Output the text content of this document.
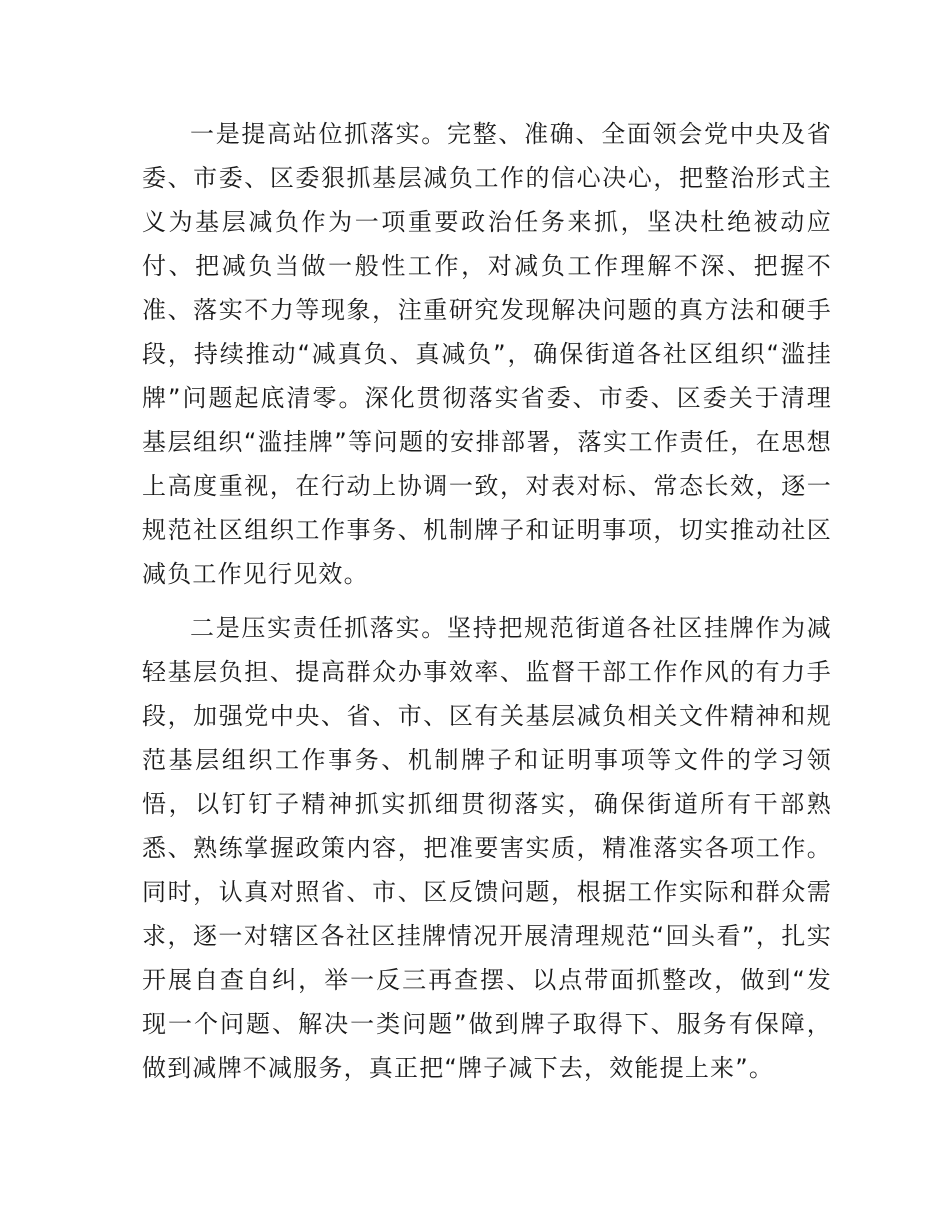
一是提高站位抓落实。完整、准确、全面领会党中央及省委、市委、区委狠抓基层减负工作的信心决心，把整治形式主义为基层减负作为一项重要政治任务来抓，坚决杜绝被动应付、把减负当做一般性工作，对减负工作理解不深、把握不准、落实不力等现象，注重研究发现解决问题的真方法和硬手段，持续推动“减真负、真减负”，确保街道各社区组织“滥挂牌”问题起底清零。深化贯彻落实省委、市委、区委关于清理基层组织“滥挂牌”等问题的安排部署，落实工作责任，在思想上高度重视，在行动上协调一致，对表对标、常态长效，逐一规范社区组织工作事务、机制牌子和证明事项，切实推动社区减负工作见行见效。

二是压实责任抓落实。坚持把规范街道各社区挂牌作为减轻基层负担、提高群众办事效率、监督干部工作作风的有力手段，加强党中央、省、市、区有关基层减负相关文件精神和规范基层组织工作事务、机制牌子和证明事项等文件的学习领悟，以钉钉子精神抓实抓细贯彻落实，确保街道所有干部熟悉、熟练掌握政策内容，把准要害实质，精准落实各项工作。同时，认真对照省、市、区反馈问题，根据工作实际和群众需求，逐一对辖区各社区挂牌情况开展清理规范“回头看”，扎实开展自查自纠，举一反三再查摆、以点带面抓整改，做到“发现一个问题、解决一类问题”做到牌子取得下、服务有保障，做到减牌不减服务，真正把“牌子减下去，效能提上来”。
